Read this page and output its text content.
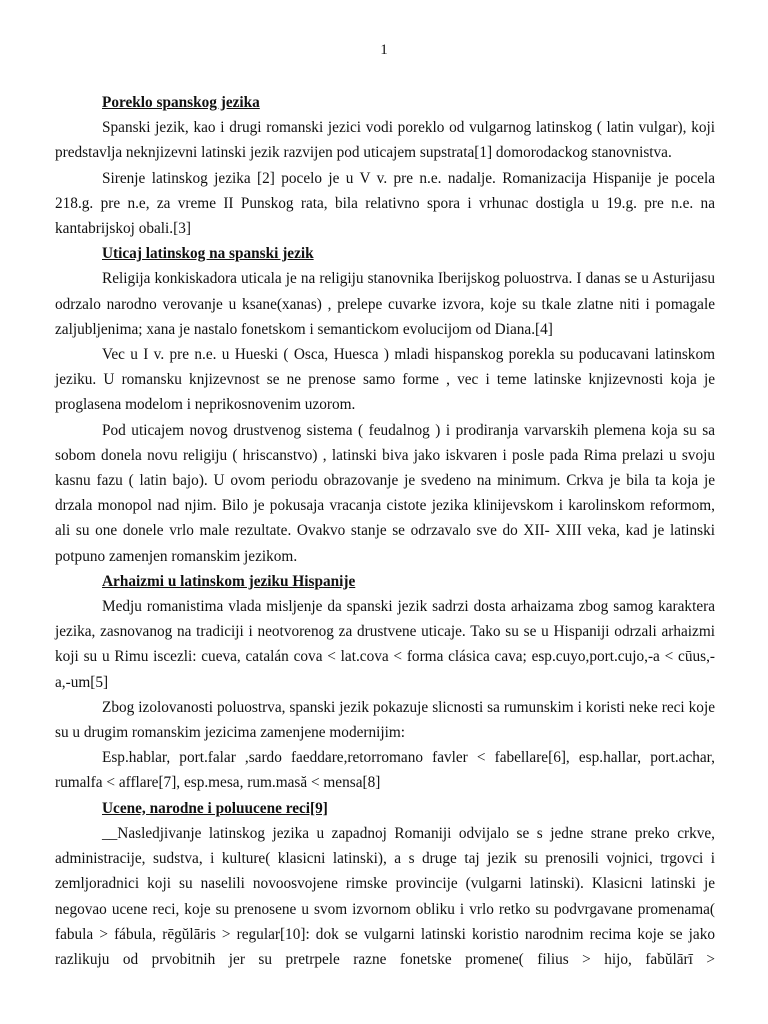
1
Poreklo spanskog jezika

Spanski jezik, kao i drugi romanski jezici vodi poreklo od vulgarnog latinskog ( latin vulgar), koji predstavlja neknjizevni latinski jezik razvijen pod uticajem supstrata[1] domorodackog stanovnistva.

Sirenje latinskog jezika [2] pocelo je u V v. pre n.e. nadalje. Romanizacija Hispanije je pocela 218.g. pre n.e, za vreme II Punskog rata, bila relativno spora i vrhunac dostigla u 19.g. pre n.e. na kantabrijskoj obali.[3]

Uticaj latinskog na spanski jezik

Religija konkiskadora uticala je na religiju stanovnika Iberijskog poluostrva. I danas se u Asturijasu odrzalo narodno verovanje u ksane(xanas) , prelepe cuvarke izvora, koje su tkale zlatne niti i pomagale zaljubljenima; xana je nastalo fonetskom i semantickom evolucijom od Diana.[4]

Vec u I v. pre n.e. u Hueski ( Osca, Huesca ) mladi hispanskog porekla su poducavani latinskom jeziku. U romansku knjizevnost se ne prenose samo forme , vec i teme latinske knjizevnosti koja je proglasena modelom i neprikosnovenim uzorom.

Pod uticajem novog drustvenog sistema ( feudalnog ) i prodiranja varvarskih plemena koja su sa sobom donela novu religiju ( hriscanstvo) , latinski biva jako iskvaren i posle pada Rima prelazi u svoju kasnu fazu ( latin bajo). U ovom periodu obrazovanje je svedeno na minimum. Crkva je bila ta koja je drzala monopol nad njim. Bilo je pokusaja vracanja cistote jezika klinijevskom i karolinskom reformom, ali su one donele vrlo male rezultate. Ovakvo stanje se odrzavalo sve do XII- XIII veka, kad je latinski potpuno zamenjen romanskim jezikom.

Arhaizmi u latinskom jeziku Hispanije

Medju romanistima vlada misljenje da spanski jezik sadrzi dosta arhaizama zbog samog karaktera jezika, zasnovanog na tradiciji i neotvorenog za drustvene uticaje. Tako su se u Hispaniji odrzali arhaizmi koji su u Rimu iscezli: cueva, catalán cova < lat.cova < forma clásica cava; esp.cuyo,port.cujo,-a < cūus,-a,-um[5]

Zbog izolovanosti poluostrva, spanski jezik pokazuje slicnosti sa rumunskim i koristi neke reci koje su u drugim romanskim jezicima zamenjene modernijim:

Esp.hablar, port.falar ,sardo faeddare,retorromano favler < fabellare[6], esp.hallar, port.achar, rumalfa < afflare[7], esp.mesa, rum.masă < mensa[8]

Ucene, narodne i poluucene reci[9]

__Nasledjivanje latinskog jezika u zapadnoj Romaniji odvijalo se s jedne strane preko crkve, administracije, sudstva, i kulture( klasicni latinski), a s druge taj jezik su prenosili vojnici, trgovci i zemljoradnici koji su naselili novoosvojene rimske provincije (vulgarni latinski). Klasicni latinski je negovao ucene reci, koje su prenosene u svom izvornom obliku i vrlo retko su podvrgavane promenama( fabula > fábula, rēgŭlāris > regular[10]: dok se vulgarni latinski koristio narodnim recima koje se jako razlikuju od prvobitnih jer su pretrpele razne fonetske promene( filius > hijo, fabŭlārī >
